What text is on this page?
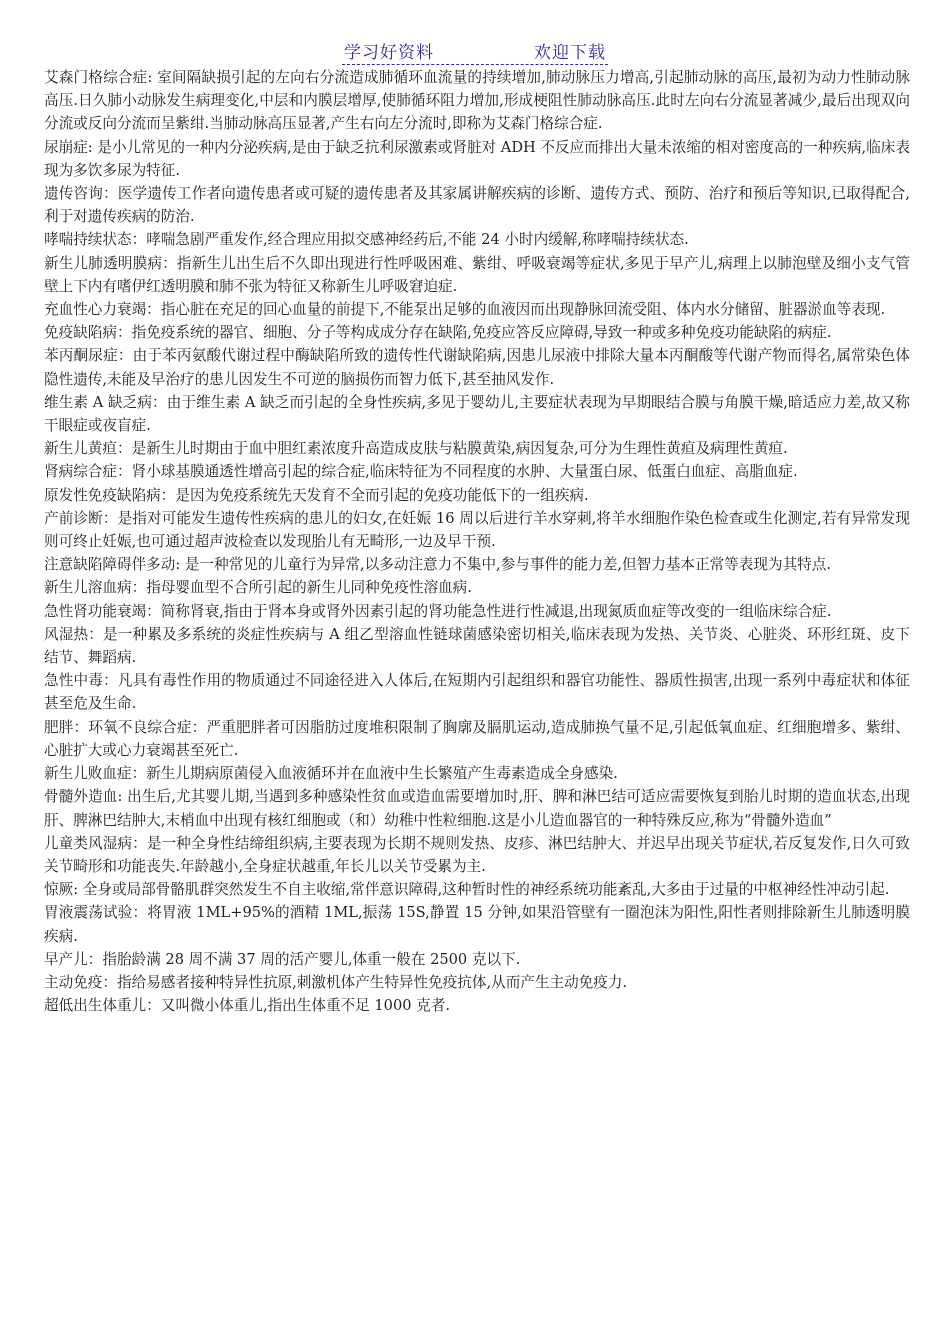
学习好资料	欢迎下载

艾森门格综合症: 室间隔缺损引起的左向右分流造成肺循环血流量的持续增加,肺动脉压力增高,引起肺动脉的高压,最初为动力性肺动脉高压.日久肺小动脉发生病理变化,中层和内膜层增厚,使肺循环阻力增加,形成梗阻性肺动脉高压.此时左向右分流显著减少,最后出现双向分流或反向分流而呈紫绀.当肺动脉高压显著,产生右向左分流时,即称为艾森门格综合症.

尿崩症: 是小儿常见的一种内分泌疾病,是由于缺乏抗利尿激素或肾脏对 ADH 不反应而排出大量未浓缩的相对密度高的一种疾病,临床表现为多饮多尿为特征.

遗传咨询：医学遗传工作者向遗传患者或可疑的遗传患者及其家属讲解疾病的诊断、遗传方式、预防、治疗和预后等知识,已取得配合,利于对遗传疾病的防治.

哮喘持续状态：哮喘急剧严重发作,经合理应用拟交感神经药后,不能 24 小时内缓解,称哮喘持续状态.

新生儿肺透明膜病：指新生儿出生后不久即出现进行性呼吸困难、紫绀、呼吸衰竭等症状,多见于早产儿,病理上以肺泡壁及细小支气管壁上下内有嗜伊红透明膜和肺不张为特征又称新生儿呼吸窘迫症.

充血性心力衰竭：指心脏在充足的回心血量的前提下,不能泵出足够的血液因而出现静脉回流受阻、体内水分储留、脏器淤血等表现.

免疫缺陷病：指免疫系统的器官、细胞、分子等构成成分存在缺陷,免疫应答反应障碍,导致一种或多种免疫功能缺陷的病症.

苯丙酮尿症：由于苯丙氨酸代谢过程中酶缺陷所致的遗传性代谢缺陷病,因患儿尿液中排除大量本丙酮酸等代谢产物而得名,属常染色体隐性遗传,未能及早治疗的患儿因发生不可逆的脑损伤而智力低下,甚至抽风发作.

维生素 A 缺乏病：由于维生素 A 缺乏而引起的全身性疾病,多见于婴幼儿,主要症状表现为早期眼结合膜与角膜干燥,暗适应力差,故又称干眼症或夜盲症.

新生儿黄疸：是新生儿时期由于血中胆红素浓度升高造成皮肤与粘膜黄染,病因复杂,可分为生理性黄疸及病理性黄疸.

肾病综合症：肾小球基膜通透性增高引起的综合症,临床特征为不同程度的水肿、大量蛋白尿、低蛋白血症、高脂血症.

原发性免疫缺陷病：是因为免疫系统先天发育不全而引起的免疫功能低下的一组疾病.

产前诊断：是指对可能发生遗传性疾病的患儿的妇女,在妊娠 16 周以后进行羊水穿刺,将羊水细胞作染色检查或生化测定,若有异常发现则可终止妊娠,也可通过超声波检查以发现胎儿有无畸形,一边及早干预.

注意缺陷障碍伴多动: 是一种常见的儿童行为异常,以多动注意力不集中,参与事件的能力差,但智力基本正常等表现为其特点.

新生儿溶血病：指母婴血型不合所引起的新生儿同种免疫性溶血病.

急性肾功能衰竭：简称肾衰,指由于肾本身或肾外因素引起的肾功能急性进行性减退,出现氮质血症等改变的一组临床综合症.

风湿热：是一种累及多系统的炎症性疾病与 A 组乙型溶血性链球菌感染密切相关,临床表现为发热、关节炎、心脏炎、环形红斑、皮下结节、舞蹈病.

急性中毒：凡具有毒性作用的物质通过不同途径进入人体后,在短期内引起组织和器官功能性、器质性损害,出现一系列中毒症状和体征甚至危及生命.

肥胖：环氧不良综合症：严重肥胖者可因脂肪过度堆积限制了胸廓及膈肌运动,造成肺换气量不足,引起低氧血症、红细胞增多、紫绀、心脏扩大或心力衰竭甚至死亡.

新生儿败血症：新生儿期病原菌侵入血液循环并在血液中生长繁殖产生毒素造成全身感染.

骨髓外造血: 出生后,尤其婴儿期,当遇到多种感染性贫血或造血需要增加时,肝、脾和淋巴结可适应需要恢复到胎儿时期的造血状态,出现肝、脾淋巴结肿大,末梢血中出现有核红细胞或（和）幼稚中性粒细胞.这是小儿造血器官的一种特殊反应,称为“骨髓外造血”

儿童类风湿病：是一种全身性结缔组织病,主要表现为长期不规则发热、皮疹、淋巴结肿大、并迟早出现关节症状,若反复发作,日久可致关节畸形和功能丧失.年龄越小,全身症状越重,年长儿以关节受累为主.

惊厥: 全身或局部骨骼肌群突然发生不自主收缩,常伴意识障碍,这种暂时性的神经系统功能紊乱,大多由于过量的中枢神经性冲动引起.

胃液震荡试验：将胃液 1ML+95%的酒精 1ML,振荡 15S,静置 15 分钟,如果沿管壁有一圈泡沫为阳性,阳性者则排除新生儿肺透明膜疾病.

早产儿：指胎龄满 28 周不满 37 周的活产婴儿,体重一般在 2500 克以下.

主动免疫：指给易感者接种特异性抗原,刺激机体产生特异性免疫抗体,从而产生主动免疫力.

超低出生体重儿：又叫微小体重儿,指出生体重不足 1000 克者.
